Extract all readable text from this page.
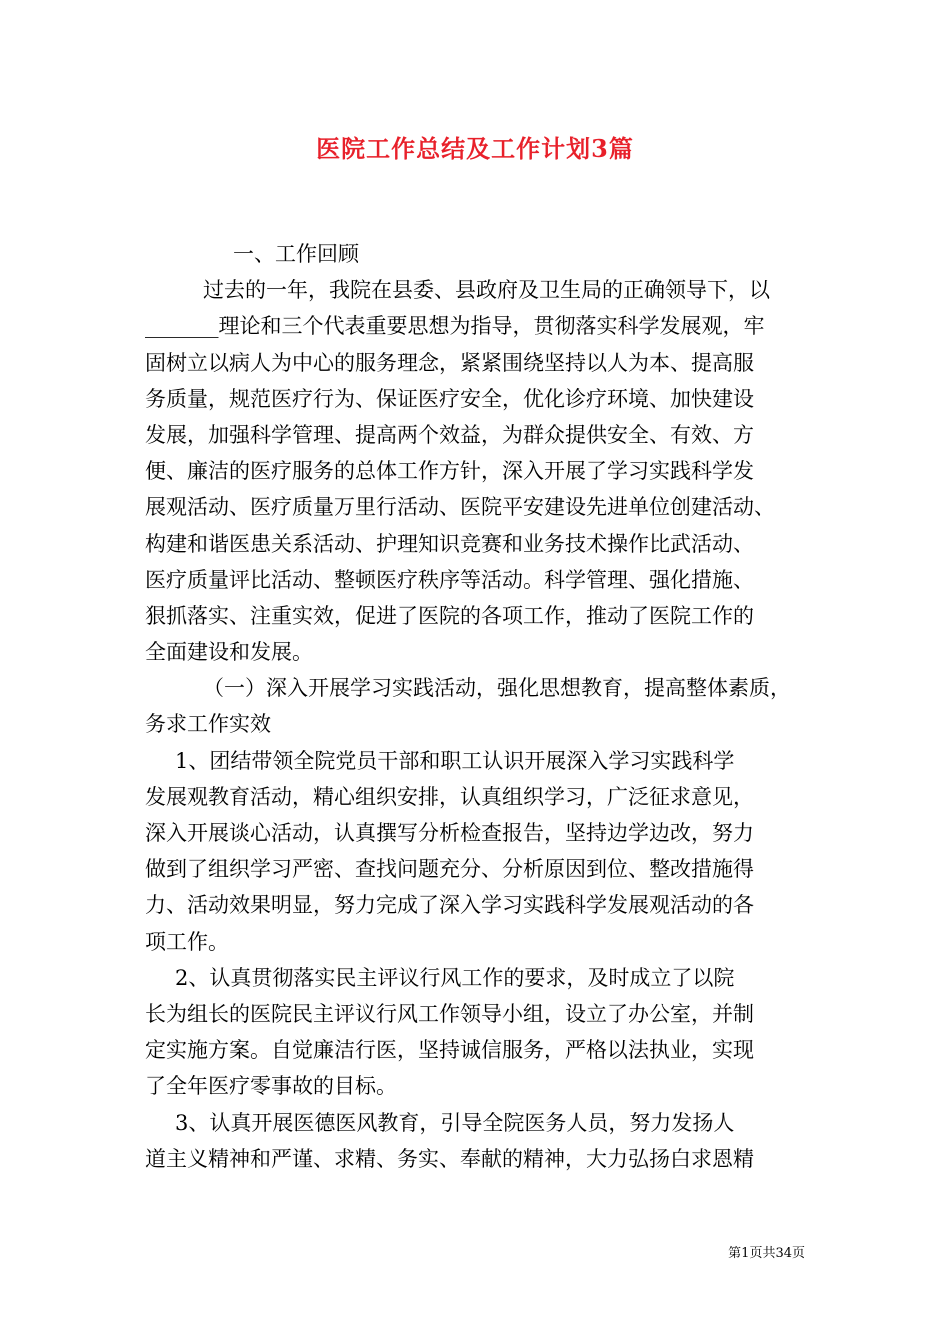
医院工作总结及工作计划3篇
一、工作回顾
过去的一年，我院在县委、县政府及卫生局的正确领导下，以
_______理论和三个代表重要思想为指导，贯彻落实科学发展观，牢
固树立以病人为中心的服务理念，紧紧围绕坚持以人为本、提高服
务质量，规范医疗行为、保证医疗安全，优化诊疗环境、加快建设
发展，加强科学管理、提高两个效益，为群众提供安全、有效、方
便、廉洁的医疗服务的总体工作方针，深入开展了学习实践科学发
展观活动、医疗质量万里行活动、医院平安建设先进单位创建活动、
构建和谐医患关系活动、护理知识竞赛和业务技术操作比武活动、
医疗质量评比活动、整顿医疗秩序等活动。科学管理、强化措施、
狠抓落实、注重实效，促进了医院的各项工作，推动了医院工作的
全面建设和发展。
（一）深入开展学习实践活动，强化思想教育，提高整体素质，
务求工作实效
1、团结带领全院党员干部和职工认识开展深入学习实践科学
发展观教育活动，精心组织安排，认真组织学习，广泛征求意见，
深入开展谈心活动，认真撰写分析检查报告，坚持边学边改，努力
做到了组织学习严密、查找问题充分、分析原因到位、整改措施得
力、活动效果明显，努力完成了深入学习实践科学发展观活动的各
项工作。
2、认真贯彻落实民主评议行风工作的要求，及时成立了以院
长为组长的医院民主评议行风工作领导小组，设立了办公室，并制
定实施方案。自觉廉洁行医，坚持诚信服务，严格以法执业，实现
了全年医疗零事故的目标。
3、认真开展医德医风教育，引导全院医务人员，努力发扬人
道主义精神和严谨、求精、务实、奉献的精神，大力弘扬白求恩精
第1页共34页
